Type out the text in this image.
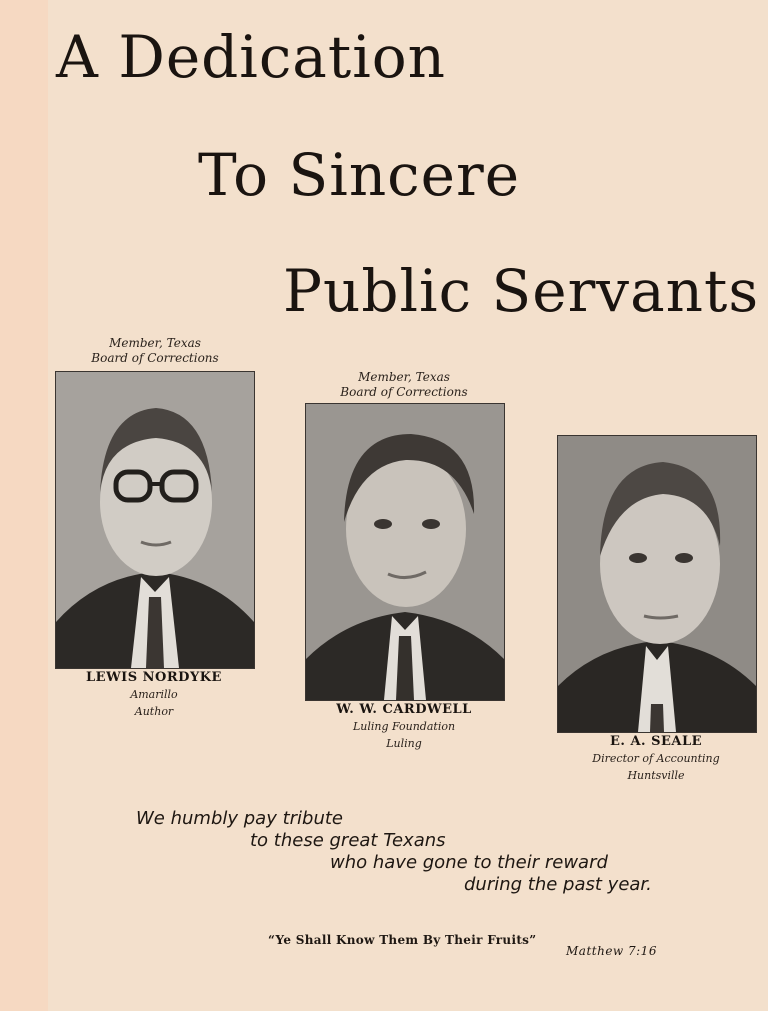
A Dedication
To Sincere
Public Servants
Member, Texas
Board of Corrections
LEWIS NORDYKE
Amarillo
Author
Member, Texas
Board of Corrections
W. W. CARDWELL
Luling Foundation
Luling	E. A. SEALE
Director of Accounting
Huntsville
We humbly pay tribute
to these great Texans
who have gone to their reward
during the past year.
“Ye Shall Know Them By Their Fruits”
Matthew 7:16
